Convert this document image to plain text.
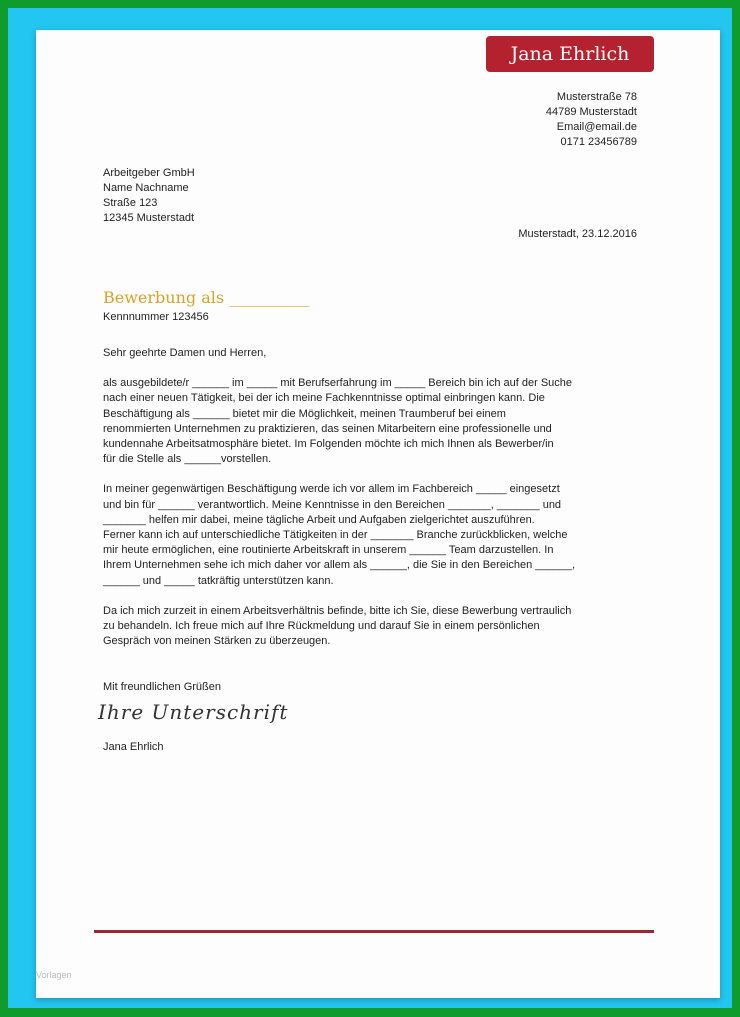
Jana Ehrlich
Musterstraße 78
44789 Musterstadt
Email@email.de
0171 23456789
Arbeitgeber GmbH
Name Nachname
Straße 123
12345 Musterstadt
Musterstadt, 23.12.2016
Bewerbung als __________
Kennnummer 123456

Sehr geehrte Damen und Herren,

als ausgebildete/r ______ im _____ mit Berufserfahrung im _____ Bereich bin ich auf der Suche
nach einer neuen Tätigkeit, bei der ich meine Fachkenntnisse optimal einbringen kann. Die
Beschäftigung als ______ bietet mir die Möglichkeit, meinen Traumberuf bei einem
renommierten Unternehmen zu praktizieren, das seinen Mitarbeitern eine professionelle und
kundennahe Arbeitsatmosphäre bietet. Im Folgenden möchte ich mich Ihnen als Bewerber/in
für die Stelle als ______vorstellen.

In meiner gegenwärtigen Beschäftigung werde ich vor allem im Fachbereich _____ eingesetzt
und bin für ______ verantwortlich. Meine Kenntnisse in den Bereichen _______, _______ und
_______ helfen mir dabei, meine tägliche Arbeit und Aufgaben zielgerichtet auszuführen.
Ferner kann ich auf unterschiedliche Tätigkeiten in der _______ Branche zurückblicken, welche
mir heute ermöglichen, eine routinierte Arbeitskraft in unserem ______ Team darzustellen. In
Ihrem Unternehmen sehe ich mich daher vor allem als ______, die Sie in den Bereichen ______,
______ und _____ tatkräftig unterstützen kann.

Da ich mich zurzeit in einem Arbeitsverhältnis befinde, bitte ich Sie, diese Bewerbung vertraulich
zu behandeln. Ich freue mich auf Ihre Rückmeldung und darauf Sie in einem persönlichen
Gespräch von meinen Stärken zu überzeugen.

Mit freundlichen Grüßen
Ihre Unterschrift
Jana Ehrlich
Vorlagen
